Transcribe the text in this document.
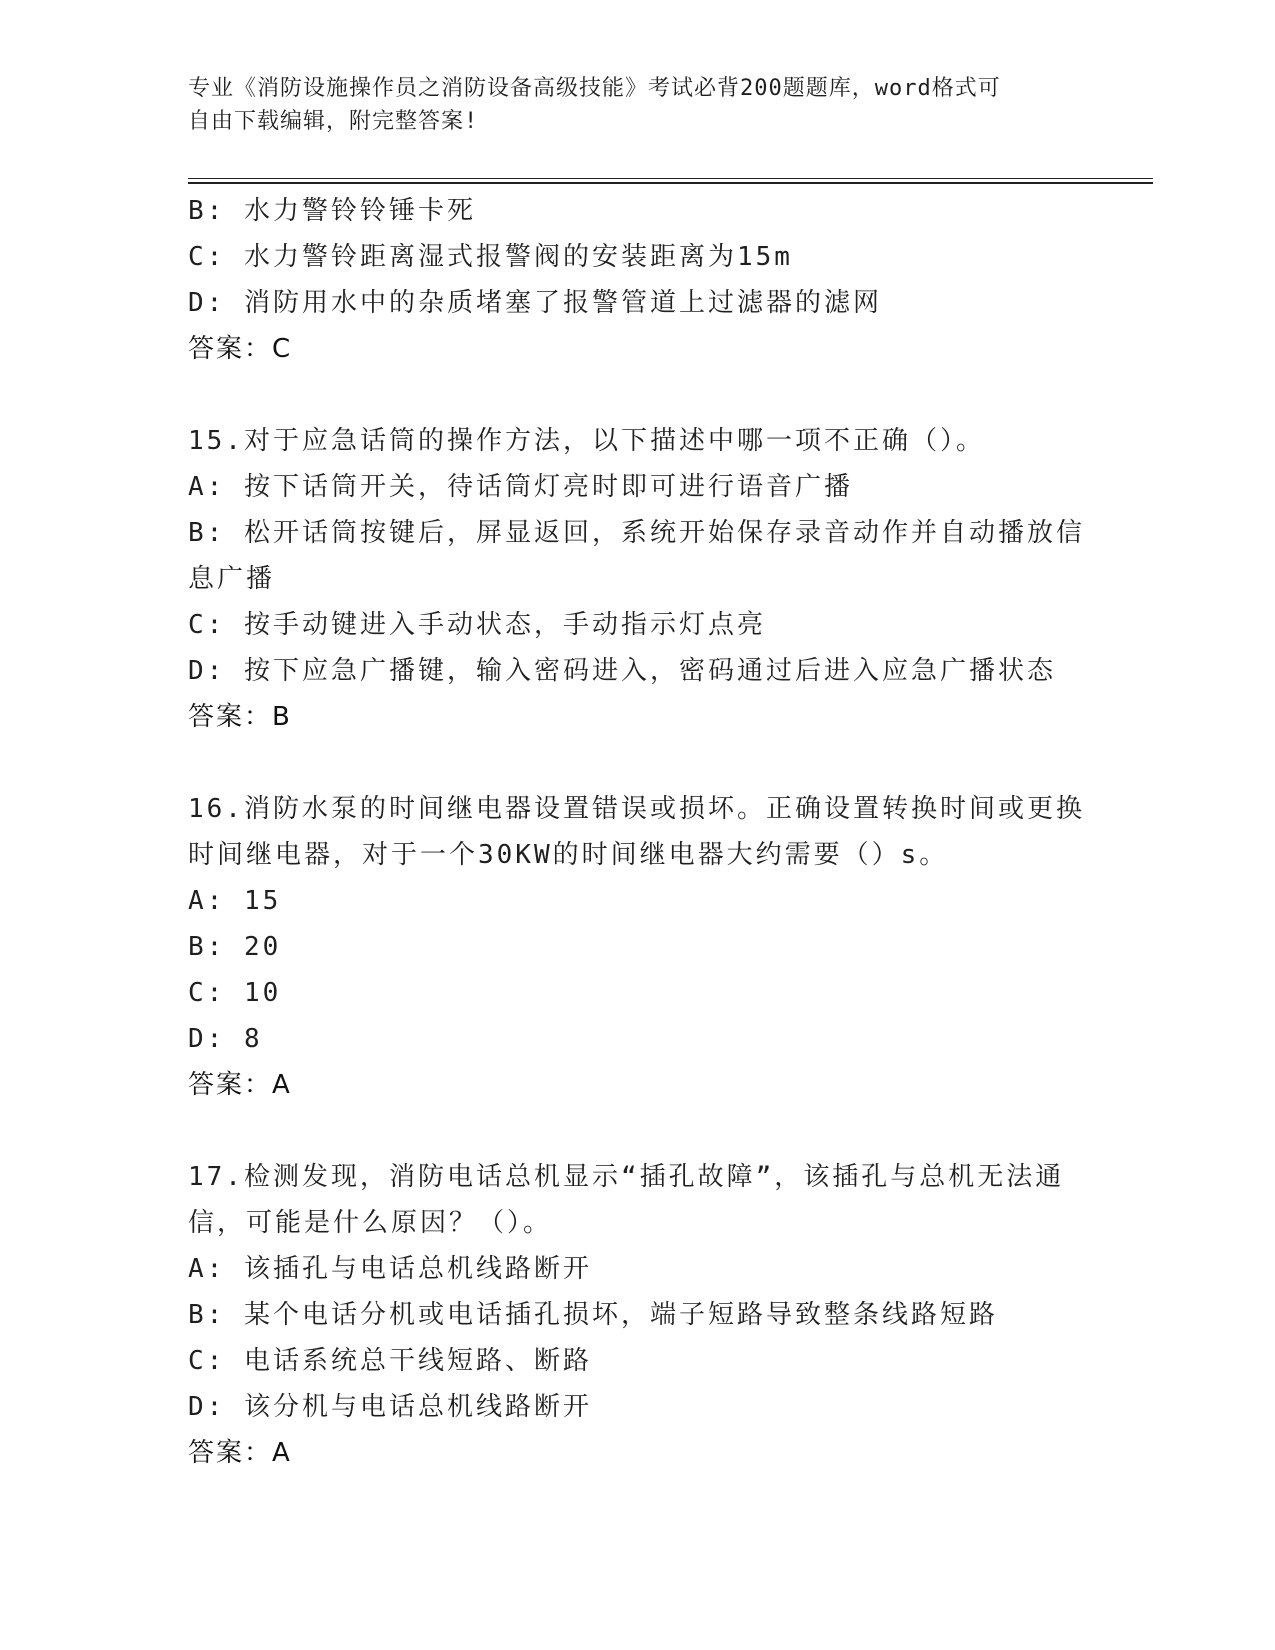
专业《消防设施操作员之消防设备高级技能》考试必背200题题库，word格式可
自由下载编辑，附完整答案!
B: 水力警铃铃锤卡死
C: 水力警铃距离湿式报警阀的安装距离为15m
D: 消防用水中的杂质堵塞了报警管道上过滤器的滤网
答案：C
15.对于应急话筒的操作方法，以下描述中哪一项不正确（）。
A: 按下话筒开关，待话筒灯亮时即可进行语音广播
B: 松开话筒按键后，屏显返回，系统开始保存录音动作并自动播放信
息广播
C: 按手动键进入手动状态，手动指示灯点亮
D: 按下应急广播键，输入密码进入，密码通过后进入应急广播状态
答案：B
16.消防水泵的时间继电器设置错误或损坏。正确设置转换时间或更换
时间继电器，对于一个30KW的时间继电器大约需要（）s。
A: 15
B: 20
C: 10
D: 8
答案：A
17.检测发现，消防电话总机显示“插孔故障”，该插孔与总机无法通
信，可能是什么原因？（）。
A: 该插孔与电话总机线路断开
B: 某个电话分机或电话插孔损坏，端子短路导致整条线路短路
C: 电话系统总干线短路、断路
D: 该分机与电话总机线路断开
答案：A
